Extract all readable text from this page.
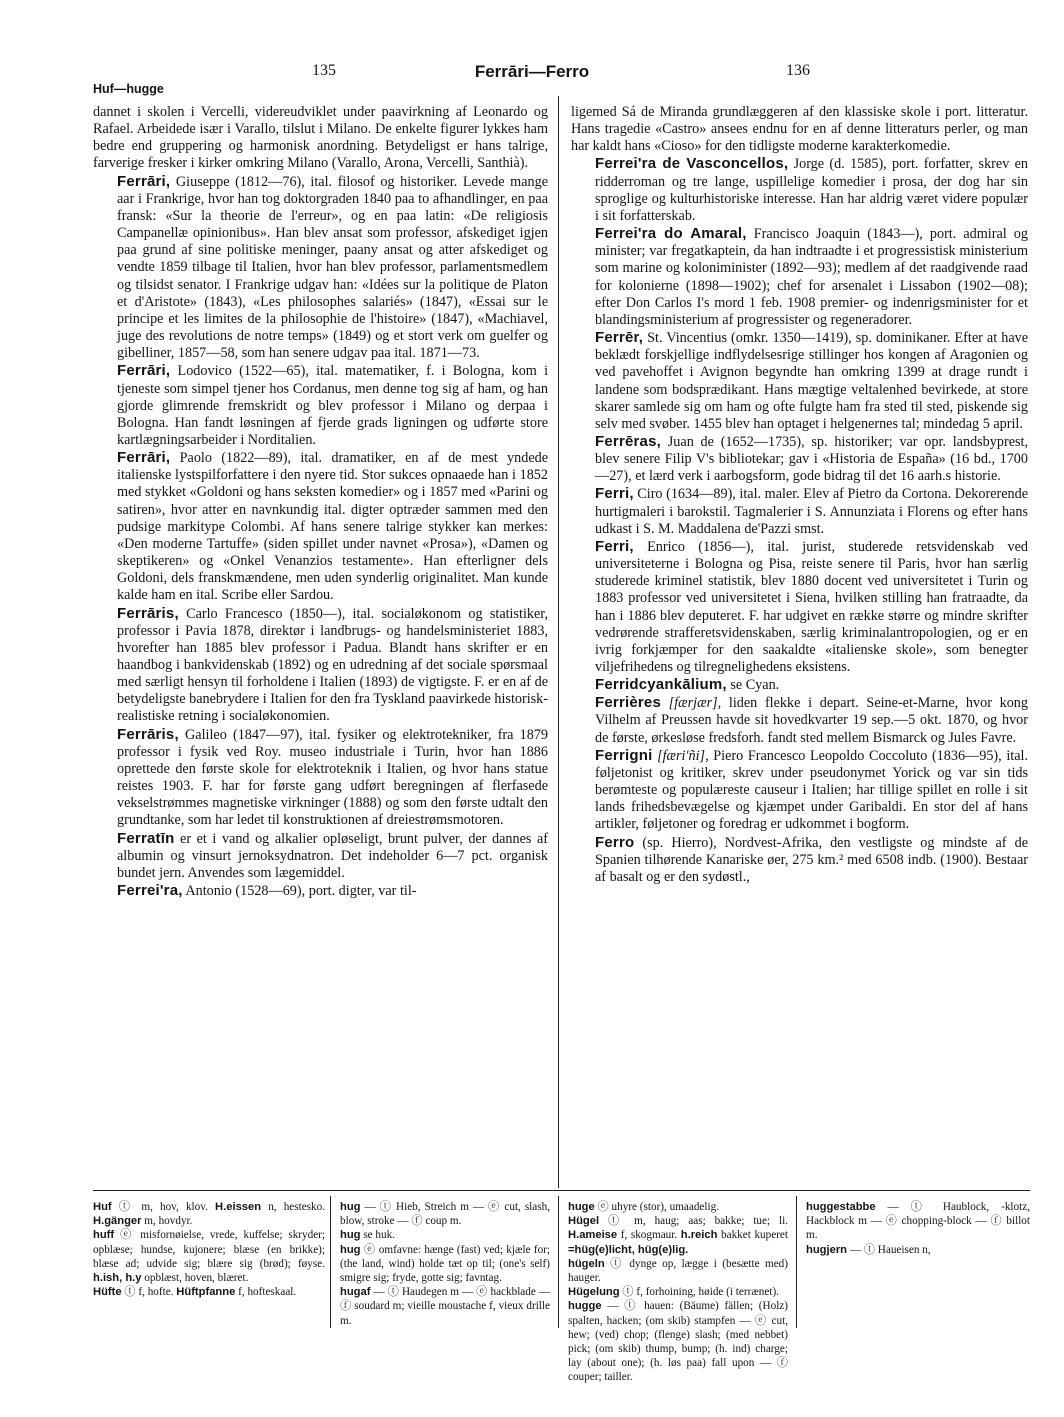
135	Ferrāri—Ferro	136
Huf—hugge

dannet i skolen i Vercelli, videreudviklet under paavirkning af Leonardo og Rafael. Arbeidede især i Varallo, tilslut i Milano. De enkelte figurer lykkes ham bedre end gruppering og harmonisk anordning. Betydeligst er hans talrige, farverige fresker i kirker omkring Milano (Varallo, Arona, Vercelli, Santhià).

Ferrāri, Giuseppe (1812—76), ital. filosof og historiker. Levede mange aar i Frankrige, hvor han tog doktorgraden 1840 paa to afhandlinger, en paa fransk: «Sur la theorie de l'erreur», og en paa latin: «De religiosis Campanellæ opinionibus». Han blev ansat som professor, afskediget igjen paa grund af sine politiske meninger, paany ansat og atter afskediget og vendte 1859 tilbage til Italien, hvor han blev professor, parlamentsmedlem og tilsidst senator. I Frankrige udgav han: «Idées sur la politique de Platon et d'Aristote» (1843), «Les philosophes salariés» (1847), «Essai sur le principe et les limites de la philosophie de l'histoire» (1847), «Machiavel, juge des revolutions de notre temps» (1849) og et stort verk om guelfer og gibelliner, 1857—58, som han senere udgav paa ital. 1871—73.

Ferrāri, Lodovico (1522—65), ital. matematiker, f. i Bologna, kom i tjeneste som simpel tjener hos Cordanus, men denne tog sig af ham, og han gjorde glimrende fremskridt og blev professor i Milano og derpaa i Bologna. Han fandt løsningen af fjerde grads ligningen og udførte store kartlægningsarbeider i Norditalien.

Ferrāri, Paolo (1822—89), ital. dramatiker, en af de mest yndede italienske lystspilforfattere i den nyere tid. Stor sukces opnaaede han i 1852 med stykket «Goldoni og hans seksten komedier» og i 1857 med «Parini og satiren», hvor atter en navnkundig ital. digter optræder sammen med den pudsige markitype Colombi. Af hans senere talrige stykker kan merkes: «Den moderne Tartuffe» (siden spillet under navnet «Prosa»), «Damen og skeptikeren» og «Onkel Venanzios testamente». Han efterligner dels Goldoni, dels franskmændene, men uden synderlig originalitet. Man kunde kalde ham en ital. Scribe eller Sardou.

Ferrāris, Carlo Francesco (1850—), ital. socialøkonom og statistiker, professor i Pavia 1878, direktør i landbrugs- og handelsministeriet 1883, hvorefter han 1885 blev professor i Padua. Blandt hans skrifter er en haandbog i bankvidenskab (1892) og en udredning af det sociale spørsmaal med særligt hensyn til forholdene i Italien (1893) de vigtigste. F. er en af de betydeligste banebrydere i Italien for den fra Tyskland paavirkede historisk-realistiske retning i socialøkonomien.

Ferrāris, Galileo (1847—97), ital. fysiker og elektrotekniker, fra 1879 professor i fysik ved Roy. museo industriale i Turin, hvor han 1886 oprettede den første skole for elektroteknik i Italien, og hvor hans statue reistes 1903. F. har for første gang udført beregningen af flerfasede vekselstrømmes magnetiske virkninger (1888) og som den første udtalt den grundtanke, som har ledet til konstruktionen af dreiestrømsmotoren.

Ferratīn er et i vand og alkalier opløseligt, brunt pulver, der dannes af albumin og vinsurt jernoksydnatron. Det indeholder 6—7 pct. organisk bundet jern. Anvendes som lægemiddel.

Ferrei'ra, Antonio (1528—69), port. digter, var til-

ligemed Sá de Miranda grundlæggeren af den klassiske skole i port. litteratur. Hans tragedie «Castro» ansees endnu for en af denne litteraturs perler, og man har kaldt hans «Cioso» for den tidligste moderne karakterkomedie.

Ferrei'ra de Vasconcellos, Jorge (d. 1585), port. forfatter, skrev en ridderroman og tre lange, uspillelige komedier i prosa, der dog har sin sproglige og kulturhistoriske interesse. Han har aldrig været videre populær i sit forfatterskab.

Ferrei'ra do Amaral, Francisco Joaquin (1843—), port. admiral og minister; var fregatkaptein, da han indtraadte i et progressistisk ministerium som marine og koloniminister (1892—93); medlem af det raadgivende raad for kolonierne (1898—1902); chef for arsenalet i Lissabon (1902—08); efter Don Carlos I's mord 1 feb. 1908 premier- og indenrigsminister for et blandingsministerium af progressister og regeneradorer.

Ferrēr, St. Vincentius (omkr. 1350—1419), sp. dominikaner. Efter at have beklædt forskjellige indflydelsesrige stillinger hos kongen af Aragonien og ved pavehoffet i Avignon begyndte han omkring 1399 at drage rundt i landene som bodsprædikant. Hans mægtige veltalenhed bevirkede, at store skarer samlede sig om ham og ofte fulgte ham fra sted til sted, piskende sig selv med svøber. 1455 blev han optaget i helgenernes tal; mindedag 5 april.

Ferrēras, Juan de (1652—1735), sp. historiker; var opr. landsbyprest, blev senere Filip V's bibliotekar; gav i «Historia de España» (16 bd., 1700—27), et lærd verk i aarbogsform, gode bidrag til det 16 aarh.s historie.

Ferri, Ciro (1634—89), ital. maler. Elev af Pietro da Cortona. Dekorerende hurtigmaleri i barokstil. Tagmalerier i S. Annunziata i Florens og efter hans udkast i S. M. Maddalena de'Pazzi smst.

Ferri, Enrico (1856—), ital. jurist, studerede retsvidenskab ved universiteterne i Bologna og Pisa, reiste senere til Paris, hvor han særlig studerede kriminel statistik, blev 1880 docent ved universitetet i Turin og 1883 professor ved universitetet i Siena, hvilken stilling han fratraadte, da han i 1886 blev deputeret. F. har udgivet en række større og mindre skrifter vedrørende strafferetsvidenskaben, særlig kriminalantropologien, og er en ivrig forkjæmper for den saakaldte «italienske skole», som benegter viljefrihedens og tilregnelighedens eksistens.

Ferridcyankālium, se Cyan.

Ferrières [færjær], liden flekke i depart. Seine-et-Marne, hvor kong Vilhelm af Preussen havde sit hovedkvarter 19 sep.—5 okt. 1870, og hvor de første, ørkesløse fredsforh. fandt sted mellem Bismarck og Jules Favre.

Ferrigni [færi'ñi], Piero Francesco Leopoldo Coccoluto (1836—95), ital. føljetonist og kritiker, skrev under pseudonymet Yorick og var sin tids berømteste og populæreste causeur i Italien; har tillige spillet en rolle i sit lands frihedsbevægelse og kjæmpet under Garibaldi. En stor del af hans artikler, føljetoner og foredrag er udkommet i bogform.

Ferro (sp. Hierro), Nordvest-Afrika, den vestligste og mindste af de Spanien tilhørende Kanariske øer, 275 km.² med 6508 indb. (1900). Bestaar af basalt og er den sydøstl.,

Huf ⓣ m, hov, klov. H.eissen n, hestesko. H.gänger m, hovdyr.

huff ⓔ misfornøielse, vrede, kuffelse; skryder; opblæse; hundse, kujonere; blæse (en brikke); blæse ad; udvide sig; blære sig (brød); føyse. h.ish, h.y opblæst, hoven, blæret.

Hüfte ⓣ f, hofte. Hüftpfanne f, hofteskaal.

hug — ⓣ Hieb, Streich m — ⓔ cut, slash, blow, stroke — ⓕ coup m.

hug se huk.

hug ⓔ omfavne: hænge (fast) ved; kjæle for; (the land, wind) holde tæt op til; (one's self) smigre sig; fryde, gotte sig; favntag.

hugaf — ⓣ Haudegen m — ⓔ hackblade — ⓕ soudard m; vieille moustache f, vieux drille m.

huge ⓔ uhyre (stor), umaadelig.

Hügel ⓣ m, haug; aas; bakke; tue; li. H.ameise f, skogmaur. h.reich bakket kuperet =hüg(e)licht, hüg(e)lig.

hügeln ⓣ dynge op, lægge i (besætte med) hauger.

Hügelung ⓣ f, forhoining, høide (i terrænet).

hugge — ⓣ hauen: (Bäume) fällen; (Holz) spalten, hacken; (om skib) stampfen — ⓔ cut, hew; (ved) chop; (flenge) slash; (med nebbet) pick; (om skib) thump, bump; (h. ind) charge; lay (about one); (h. løs paa) fall upon — ⓕ couper; tailler.

huggestabbe — ⓣ Haublock, -klotz, Hackblock m — ⓔ chopping-block — ⓕ billot m.

hugjern — ⓣ Haueisen n,
